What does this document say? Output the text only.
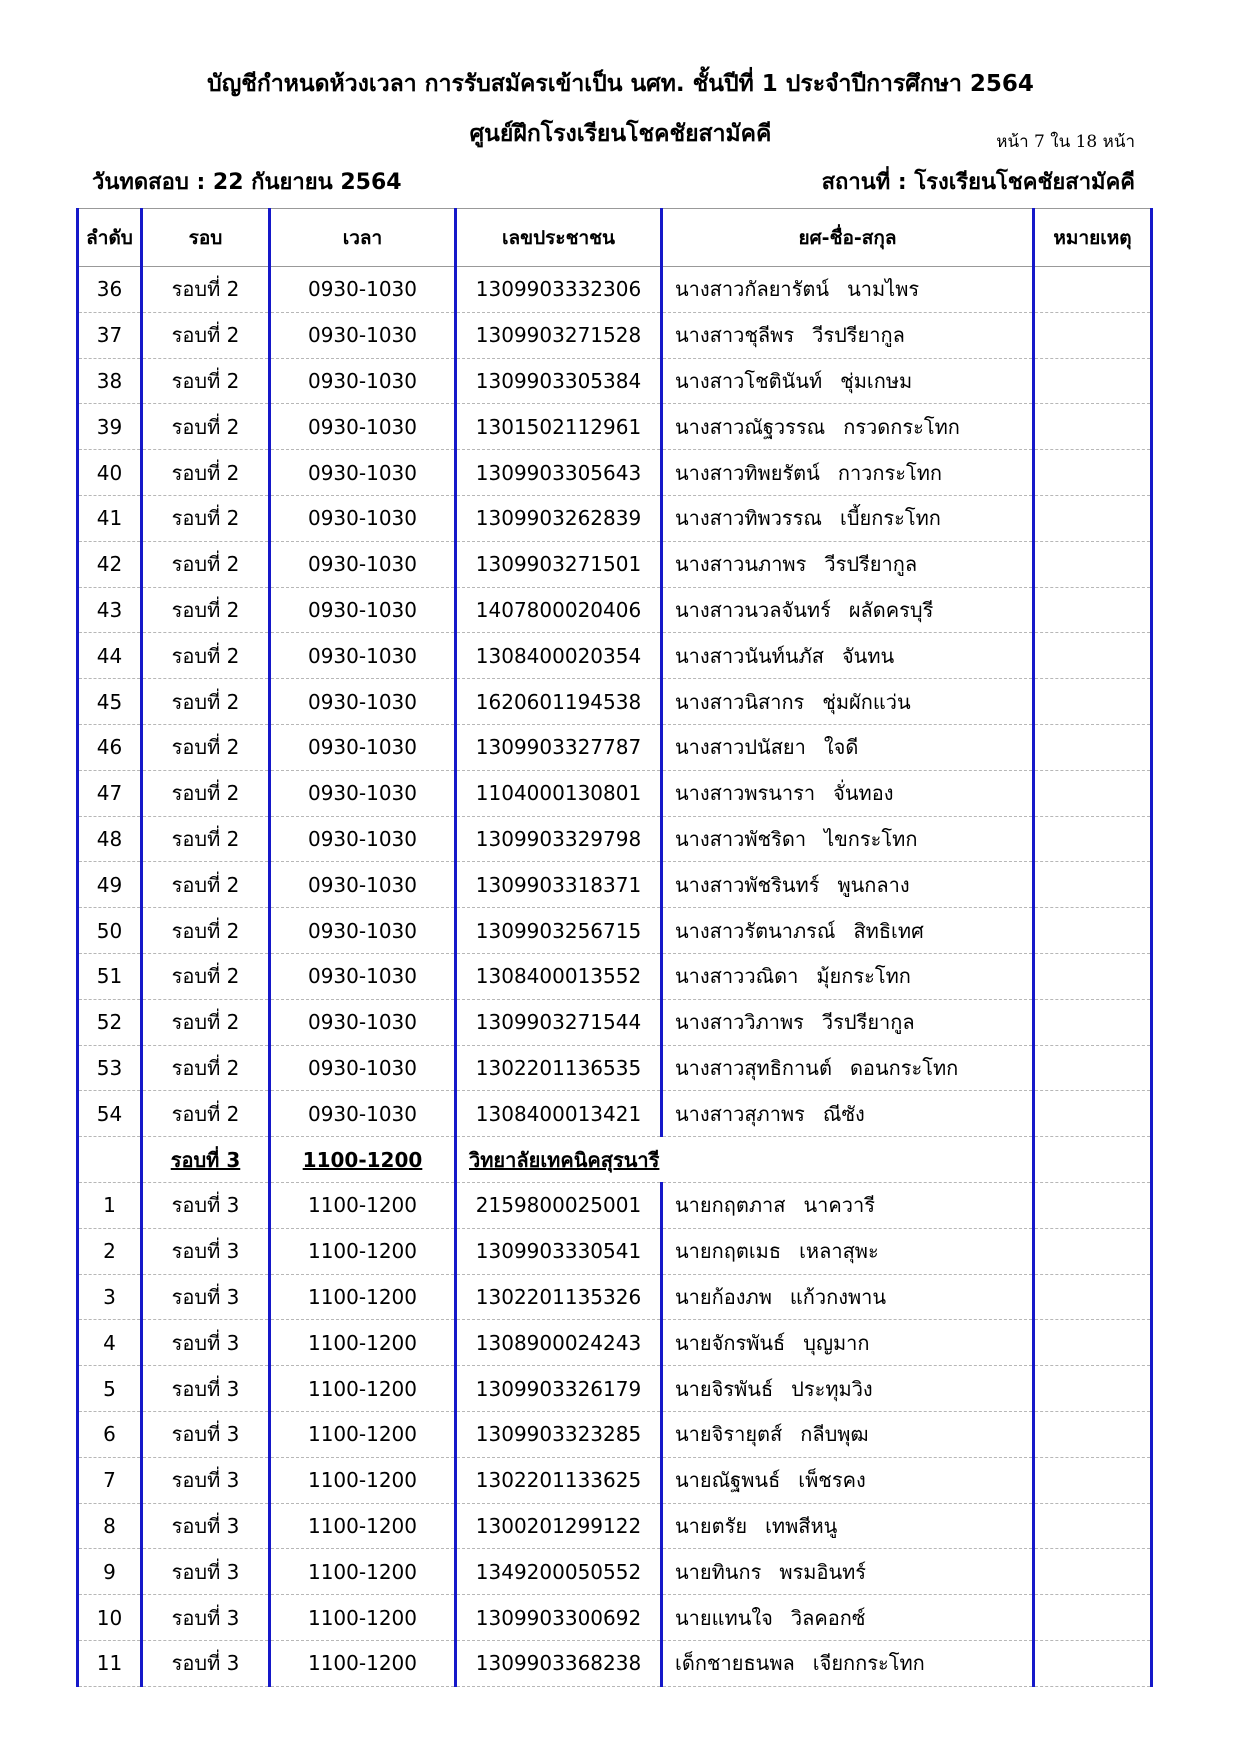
บัญชีกำหนดห้วงเวลา การรับสมัครเข้าเป็น นศท. ชั้นปีที่ 1 ประจำปีการศึกษา 2564
ศูนย์ฝึกโรงเรียนโชคชัยสามัคคี	หน้า 7 ใน 18 หน้า
วันทดสอบ : 22 กันยายน 2564	สถานที่ : โรงเรียนโชคชัยสามัคคี
ลำดับ	รอบ	เวลา	เลขประชาชน	ยศ-ชื่อ-สกุล	หมายเหตุ
36	รอบที่ 2	0930-1030	1309903332306	นางสาวกัลยารัตน์ นามไพร	
37	รอบที่ 2	0930-1030	1309903271528	นางสาวชุลีพร วีรปรียากูล	
38	รอบที่ 2	0930-1030	1309903305384	นางสาวโชตินันท์ ชุ่มเกษม	
39	รอบที่ 2	0930-1030	1301502112961	นางสาวณัฐวรรณ กรวดกระโทก	
40	รอบที่ 2	0930-1030	1309903305643	นางสาวทิพยรัตน์ กาวกระโทก	
41	รอบที่ 2	0930-1030	1309903262839	นางสาวทิพวรรณ เบี้ยกระโทก	
42	รอบที่ 2	0930-1030	1309903271501	นางสาวนภาพร วีรปรียากูล	
43	รอบที่ 2	0930-1030	1407800020406	นางสาวนวลจันทร์ ผลัดครบุรี	
44	รอบที่ 2	0930-1030	1308400020354	นางสาวนันท์นภัส จันทน	
45	รอบที่ 2	0930-1030	1620601194538	นางสาวนิสากร ชุ่มผักแว่น	
46	รอบที่ 2	0930-1030	1309903327787	นางสาวปนัสยา ใจดี	
47	รอบที่ 2	0930-1030	1104000130801	นางสาวพรนารา จั่นทอง	
48	รอบที่ 2	0930-1030	1309903329798	นางสาวพัชริดา ไขกระโทก	
49	รอบที่ 2	0930-1030	1309903318371	นางสาวพัชรินทร์ พูนกลาง	
50	รอบที่ 2	0930-1030	1309903256715	นางสาวรัตนาภรณ์ สิทธิเทศ	
51	รอบที่ 2	0930-1030	1308400013552	นางสาววณิดา มุ้ยกระโทก	
52	รอบที่ 2	0930-1030	1309903271544	นางสาววิภาพร วีรปรียากูล	
53	รอบที่ 2	0930-1030	1302201136535	นางสาวสุทธิกานต์ ดอนกระโทก	
54	รอบที่ 2	0930-1030	1308400013421	นางสาวสุภาพร ณีซัง	
	รอบที่ 3	1100-1200	วิทยาลัยเทคนิคสุรนารี		
1	รอบที่ 3	1100-1200	2159800025001	นายกฤตภาส นาควารี	
2	รอบที่ 3	1100-1200	1309903330541	นายกฤตเมธ เหลาสุพะ	
3	รอบที่ 3	1100-1200	1302201135326	นายก้องภพ แก้วกงพาน	
4	รอบที่ 3	1100-1200	1308900024243	นายจักรพันธ์ บุญมาก	
5	รอบที่ 3	1100-1200	1309903326179	นายจิรพันธ์ ประทุมวิง	
6	รอบที่ 3	1100-1200	1309903323285	นายจิรายุตส์ กลีบพุฒ	
7	รอบที่ 3	1100-1200	1302201133625	นายณัฐพนธ์ เพ็ชรคง	
8	รอบที่ 3	1100-1200	1300201299122	นายตรัย เทพสีหนู	
9	รอบที่ 3	1100-1200	1349200050552	นายทินกร พรมอินทร์	
10	รอบที่ 3	1100-1200	1309903300692	นายแทนใจ วิลคอกซ์	
11	รอบที่ 3	1100-1200	1309903368238	เด็กชายธนพล เจียกกระโทก	
